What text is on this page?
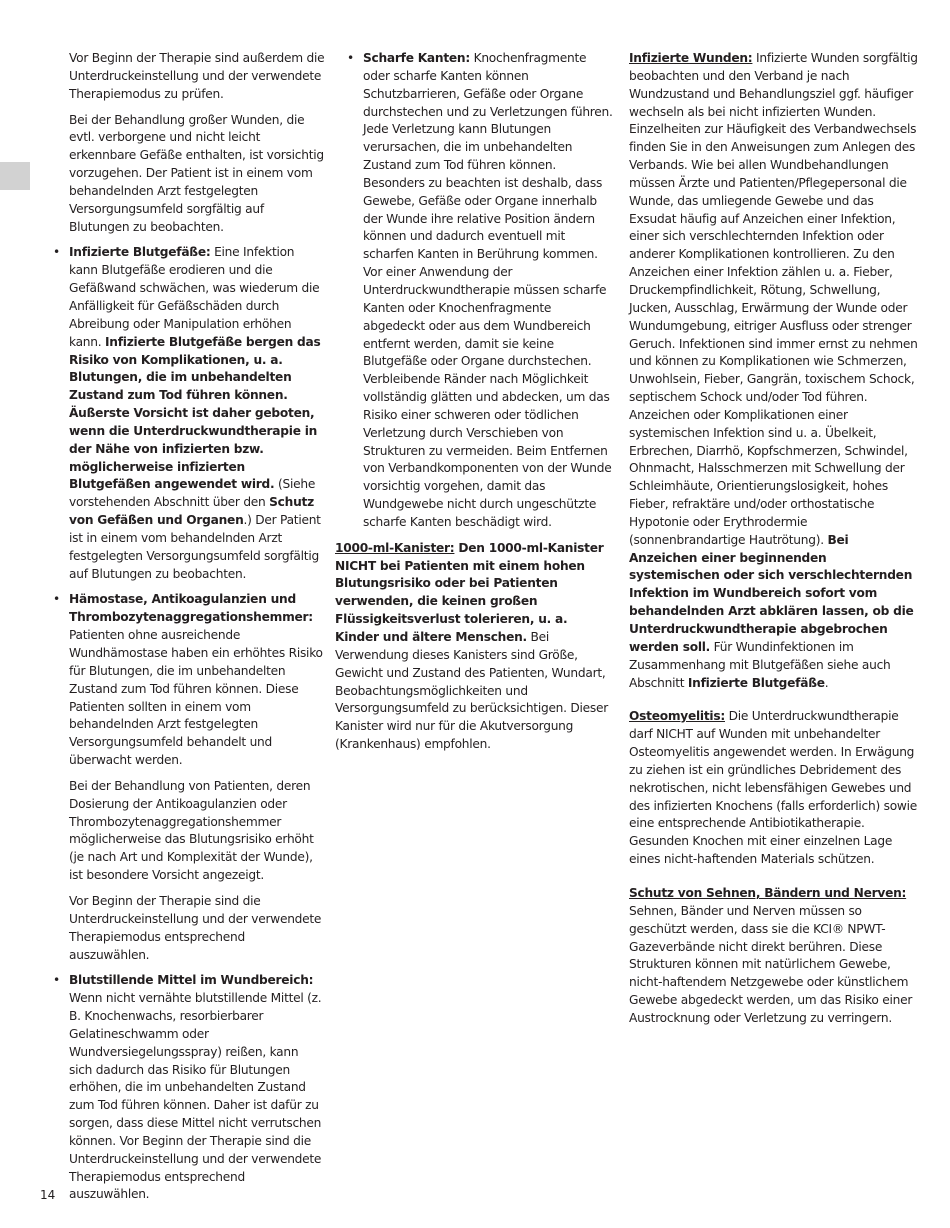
Vor Beginn der Therapie sind außerdem die Unterdruckeinstellung und der verwendete Therapiemodus zu prüfen.

Bei der Behandlung großer Wunden, die evtl. verborgene und nicht leicht erkennbare Gefäße enthalten, ist vorsichtig vorzugehen. Der Patient ist in einem vom behandelnden Arzt festgelegten Versorgungsumfeld sorgfältig auf Blutungen zu beobachten.

• Infizierte Blutgefäße: Eine Infektion kann Blutgefäße erodieren und die Gefäßwand schwächen, was wiederum die Anfälligkeit für Gefäßschäden durch Abreibung oder Manipulation erhöhen kann. Infizierte Blutgefäße bergen das Risiko von Komplikationen, u. a. Blutungen, die im unbehandelten Zustand zum Tod führen können. Äußerste Vorsicht ist daher geboten, wenn die Unterdruckwundtherapie in der Nähe von infizierten bzw. möglicherweise infizierten Blutgefäßen angewendet wird. (Siehe vorstehenden Abschnitt über den Schutz von Gefäßen und Organen.) Der Patient ist in einem vom behandelnden Arzt festgelegten Versorgungsumfeld sorgfältig auf Blutungen zu beobachten.

• Hämostase, Antikoagulanzien und Thrombozytenaggregationshemmer: Patienten ohne ausreichende Wundhämostase haben ein erhöhtes Risiko für Blutungen, die im unbehandelten Zustand zum Tod führen können. Diese Patienten sollten in einem vom behandelnden Arzt festgelegten Versorgungsumfeld behandelt und überwacht werden.

Bei der Behandlung von Patienten, deren Dosierung der Antikoagulanzien oder Thrombozytenaggregationshemmer möglicherweise das Blutungsrisiko erhöht (je nach Art und Komplexität der Wunde), ist besondere Vorsicht angezeigt.

Vor Beginn der Therapie sind die Unterdruckeinstellung und der verwendete Therapiemodus entsprechend auszuwählen.

• Blutstillende Mittel im Wundbereich: Wenn nicht vernähte blutstillende Mittel (z. B. Knochenwachs, resorbierbarer Gelatineschwamm oder Wundversiegelungsspray) reißen, kann sich dadurch das Risiko für Blutungen erhöhen, die im unbehandelten Zustand zum Tod führen können. Daher ist dafür zu sorgen, dass diese Mittel nicht verrutschen können. Vor Beginn der Therapie sind die Unterdruckeinstellung und der verwendete Therapiemodus entsprechend auszuwählen.

• Scharfe Kanten: Knochenfragmente oder scharfe Kanten können Schutzbarrieren, Gefäße oder Organe durchstechen und zu Verletzungen führen. Jede Verletzung kann Blutungen verursachen, die im unbehandelten Zustand zum Tod führen können. Besonders zu beachten ist deshalb, dass Gewebe, Gefäße oder Organe innerhalb der Wunde ihre relative Position ändern können und dadurch eventuell mit scharfen Kanten in Berührung kommen. Vor einer Anwendung der Unterdruckwundtherapie müssen scharfe Kanten oder Knochenfragmente abgedeckt oder aus dem Wundbereich entfernt werden, damit sie keine Blutgefäße oder Organe durchstechen. Verbleibende Ränder nach Möglichkeit vollständig glätten und abdecken, um das Risiko einer schweren oder tödlichen Verletzung durch Verschieben von Strukturen zu vermeiden. Beim Entfernen von Verbandkomponenten von der Wunde vorsichtig vorgehen, damit das Wundgewebe nicht durch ungeschützte scharfe Kanten beschädigt wird.

1000-ml-Kanister: Den 1000-ml-Kanister NICHT bei Patienten mit einem hohen Blutungsrisiko oder bei Patienten verwenden, die keinen großen Flüssigkeitsverlust tolerieren, u. a. Kinder und ältere Menschen. Bei Verwendung dieses Kanisters sind Größe, Gewicht und Zustand des Patienten, Wundart, Beobachtungsmöglichkeiten und Versorgungsumfeld zu berücksichtigen. Dieser Kanister wird nur für die Akutversorgung (Krankenhaus) empfohlen.

Infizierte Wunden: Infizierte Wunden sorgfältig beobachten und den Verband je nach Wundzustand und Behandlungsziel ggf. häufiger wechseln als bei nicht infizierten Wunden. Einzelheiten zur Häufigkeit des Verbandwechsels finden Sie in den Anweisungen zum Anlegen des Verbands. Wie bei allen Wundbehandlungen müssen Ärzte und Patienten/Pflegepersonal die Wunde, das umliegende Gewebe und das Exsudat häufig auf Anzeichen einer Infektion, einer sich verschlechternden Infektion oder anderer Komplikationen kontrollieren. Zu den Anzeichen einer Infektion zählen u. a. Fieber, Druckempfindlichkeit, Rötung, Schwellung, Jucken, Ausschlag, Erwärmung der Wunde oder Wundumgebung, eitriger Ausfluss oder strenger Geruch. Infektionen sind immer ernst zu nehmen und können zu Komplikationen wie Schmerzen, Unwohlsein, Fieber, Gangrän, toxischem Schock, septischem Schock und/oder Tod führen. Anzeichen oder Komplikationen einer systemischen Infektion sind u. a. Übelkeit, Erbrechen, Diarrhö, Kopfschmerzen, Schwindel, Ohnmacht, Halsschmerzen mit Schwellung der Schleimhäute, Orientierungslosigkeit, hohes Fieber, refraktäre und/oder orthostatische Hypotonie oder Erythrodermie (sonnenbrandartige Hautrötung). Bei Anzeichen einer beginnenden systemischen oder sich verschlechternden Infektion im Wundbereich sofort vom behandelnden Arzt abklären lassen, ob die Unterdruckwundtherapie abgebrochen werden soll. Für Wundinfektionen im Zusammenhang mit Blutgefäßen siehe auch Abschnitt Infizierte Blutgefäße.

Osteomyelitis: Die Unterdruckwundtherapie darf NICHT auf Wunden mit unbehandelter Osteomyelitis angewendet werden. In Erwägung zu ziehen ist ein gründliches Debridement des nekrotischen, nicht lebensfähigen Gewebes und des infizierten Knochens (falls erforderlich) sowie eine entsprechende Antibiotikatherapie. Gesunden Knochen mit einer einzelnen Lage eines nicht-haftenden Materials schützen.

Schutz von Sehnen, Bändern und Nerven: Sehnen, Bänder und Nerven müssen so geschützt werden, dass sie die KCI® NPWT-Gazeverbände nicht direkt berühren. Diese Strukturen können mit natürlichem Gewebe, nicht-haftendem Netzgewebe oder künstlichem Gewebe abgedeckt werden, um das Risiko einer Austrocknung oder Verletzung zu verringern.

14
